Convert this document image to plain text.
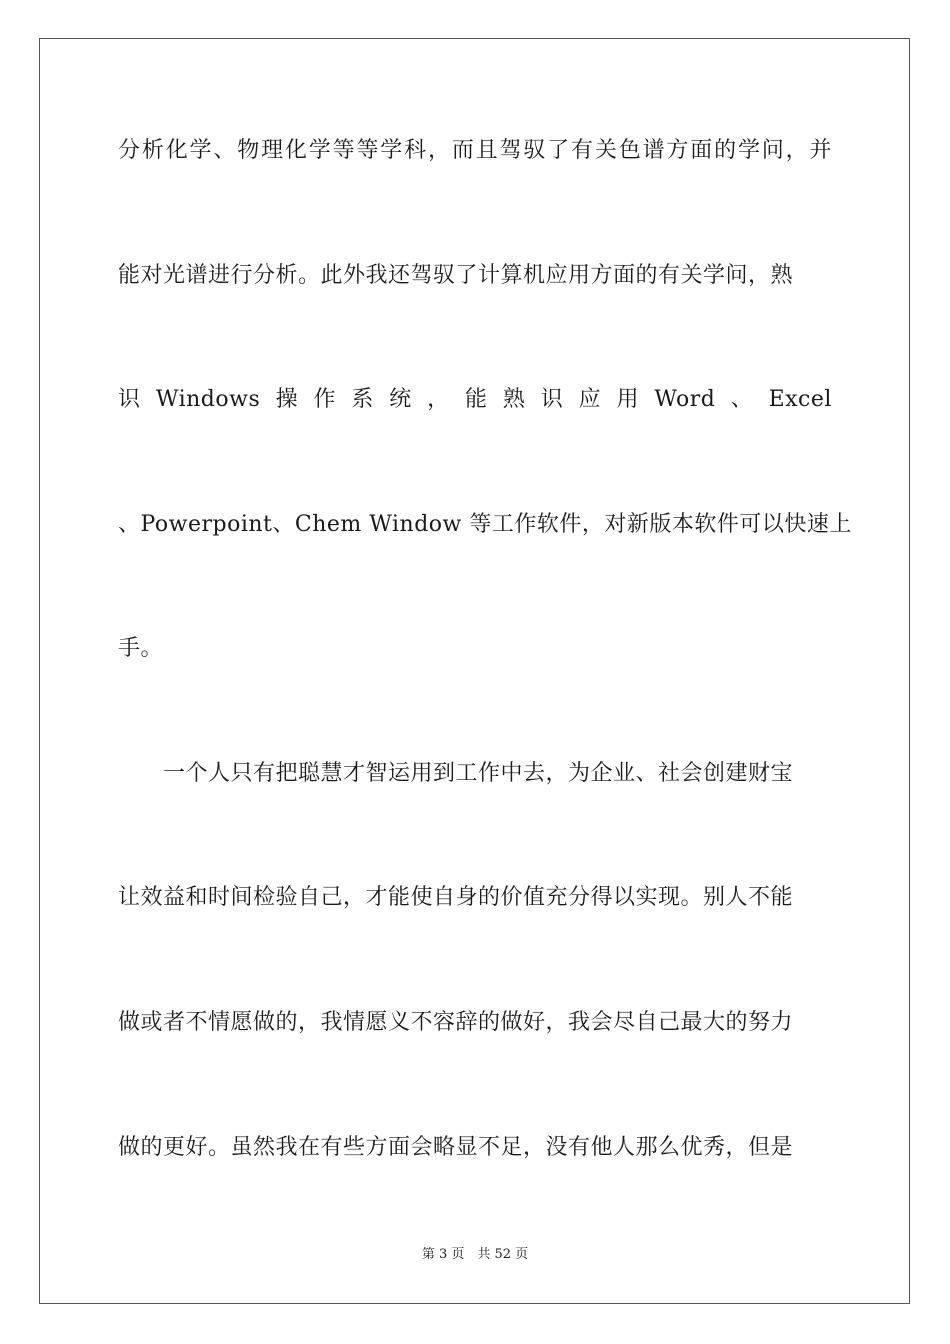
分 析 化 学 、 物 理 化 学 等 等 学 科 ， 而 且 驾 驭 了 有 关 色 谱 方 面 的 学 问 ， 并
能对光谱进行分析。此外我还驾驭了计算机应用方面的有关学问，熟
识 Windows 操 作 系 统 ， 能 熟 识 应 用 Word 、 Excel
、Powerpoint、Chem Window 等工作软件，对新版本软件可以快速上
手。
　　一个人只有把聪慧才智运用到工作中去，为企业、社会创建财宝
让效益和时间检验自己，才能使自身的价值充分得以实现。别人不能
做或者不情愿做的，我情愿义不容辞的做好，我会尽自己最大的努力
做的更好。虽然我在有些方面会略显不足，没有他人那么优秀，但是
第 3 页　共 52 页
